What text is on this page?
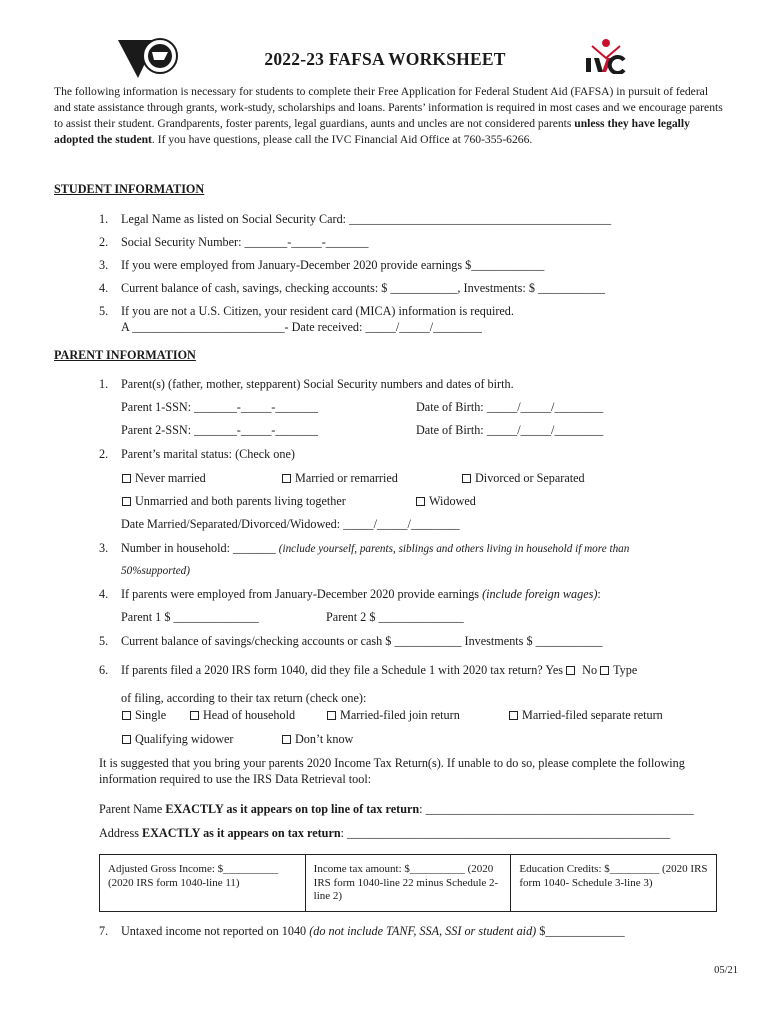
2022-23 FAFSA WORKSHEET
The following information is necessary for students to complete their Free Application for Federal Student Aid (FAFSA) in pursuit of federal and state assistance through grants, work-study, scholarships and loans. Parents’ information is required in most cases and we encourage parents to assist their student. Grandparents, foster parents, legal guardians, aunts and uncles are not considered parents unless they have legally adopted the student. If you have questions, please call the IVC Financial Aid Office at 760-355-6266.
STUDENT INFORMATION
1. Legal Name as listed on Social Security Card: ___________________________________________
2. Social Security Number: _______-_____-_______
3. If you were employed from January-December 2020 provide earnings $____________
4. Current balance of cash, savings, checking accounts: $ ___________, Investments: $ ___________
5. If you are not a U.S. Citizen, your resident card (MICA) information is required.
A _________________________- Date received: _____/_____/________
PARENT INFORMATION
1. Parent(s) (father, mother, stepparent) Social Security numbers and dates of birth.
Parent 1-SSN: _______-_____-_______	Date of Birth: _____/_____/________
Parent 2-SSN: _______-_____-_______	Date of Birth: _____/_____/________
2. Parent’s marital status: (Check one)
Never married	Married or remarried	Divorced or Separated
Unmarried and both parents living together	Widowed
Date Married/Separated/Divorced/Widowed: _____/_____/________
3. Number in household: _______ (include yourself, parents, siblings and others living in household if more than
50%supported)
4. If parents were employed from January-December 2020 provide earnings (include foreign wages):
Parent 1 $ ______________	Parent 2 $ ______________
5. Current balance of savings/checking accounts or cash $ ___________ Investments $ ___________
6. If parents filed a 2020 IRS form 1040, did they file a Schedule 1 with 2020 tax return? Yes No Type
of filing, according to their tax return (check one):
Single	Head of household	Married-filed join return	Married-filed separate return
Qualifying widower	Don’t know
It is suggested that you bring your parents 2020 Income Tax Return(s). If unable to do so, please complete the following information required to use the IRS Data Retrieval tool:
Parent Name EXACTLY as it appears on top line of tax return: ____________________________________________
Address EXACTLY as it appears on tax return: _____________________________________________________
Adjusted Gross Income: $__________ (2020 IRS form 1040-line 11)
Income tax amount: $__________ (2020 IRS form 1040-line 22 minus Schedule 2-line 2)
Education Credits: $_________ (2020 IRS form 1040- Schedule 3-line 3)
7. Untaxed income not reported on 1040 (do not include TANF, SSA, SSI or student aid) $_____________
05/21
